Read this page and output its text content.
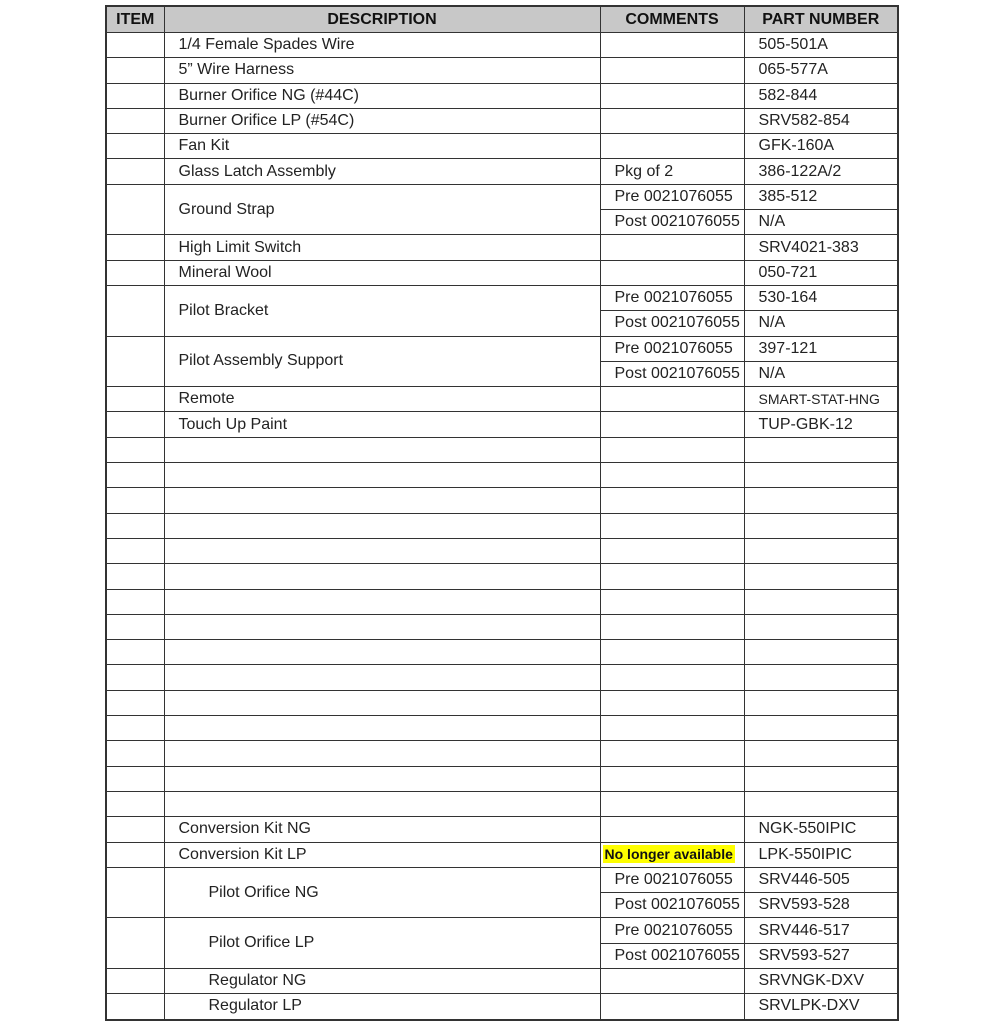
ITEM	DESCRIPTION	COMMENTS	PART NUMBER
	1/4 Female Spades Wire		505-501A
	5” Wire Harness		065-577A
	Burner Orifice NG (#44C)		582-844
	Burner Orifice LP (#54C)		SRV582-854
	Fan Kit		GFK-160A
	Glass Latch Assembly	Pkg of 2	386-122A/2
	Ground Strap	Pre 0021076055	385-512
		Post 0021076055	N/A
	High Limit Switch		SRV4021-383
	Mineral Wool		050-721
	Pilot Bracket	Pre 0021076055	530-164
		Post 0021076055	N/A
	Pilot Assembly Support	Pre 0021076055	397-121
		Post 0021076055	N/A
	Remote		SMART-STAT-HNG
	Touch Up Paint		TUP-GBK-12

	Conversion Kit NG		NGK-550IPIC
	Conversion Kit LP	No longer available	LPK-550IPIC
	Pilot Orifice NG	Pre 0021076055	SRV446-505
		Post 0021076055	SRV593-528
	Pilot Orifice LP	Pre 0021076055	SRV446-517
		Post 0021076055	SRV593-527
	Regulator NG		SRVNGK-DXV
	Regulator LP		SRVLPK-DXV
